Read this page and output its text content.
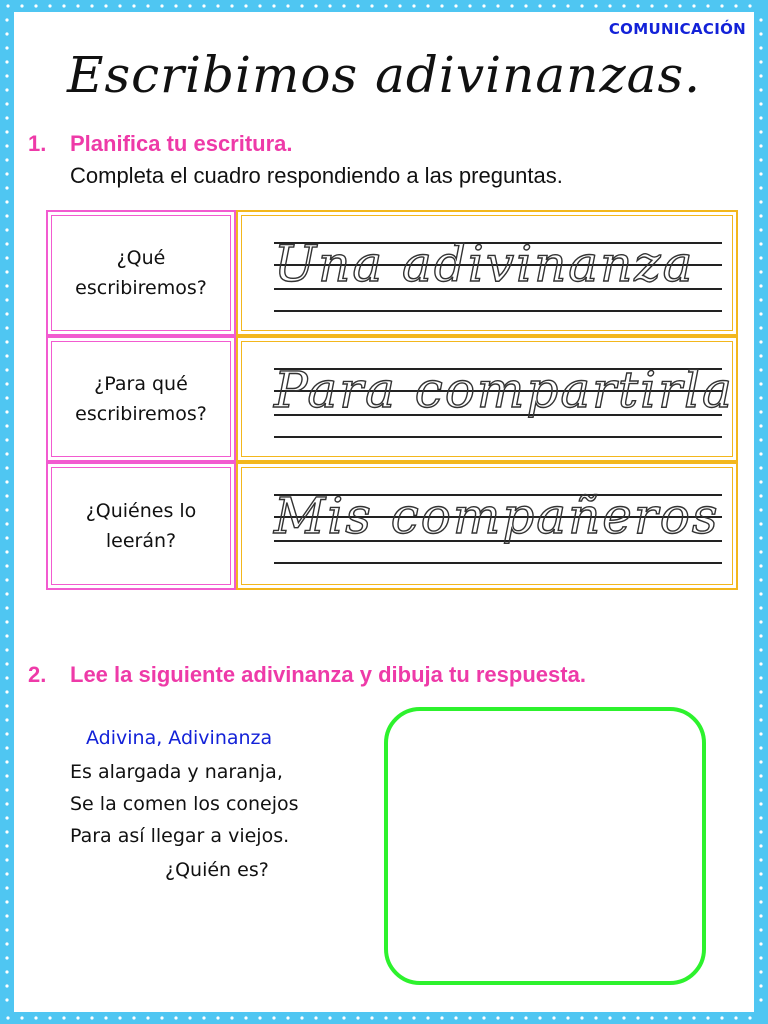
COMUNICACIÓN
Escribimos adivinanzas.
1. Planifica tu escritura.
Completa el cuadro respondiendo a las preguntas.
¿Qué
escribiremos? Una adivinanza
¿Para qué
escribiremos? Para compartirla
¿Quiénes lo
leerán?	Mis compañeros
2. Lee la siguiente adivinanza y dibuja tu respuesta.
Adivina, Adivinanza
Es alargada y naranja,
Se la comen los conejos
Para así llegar a viejos.
¿Quién es?
